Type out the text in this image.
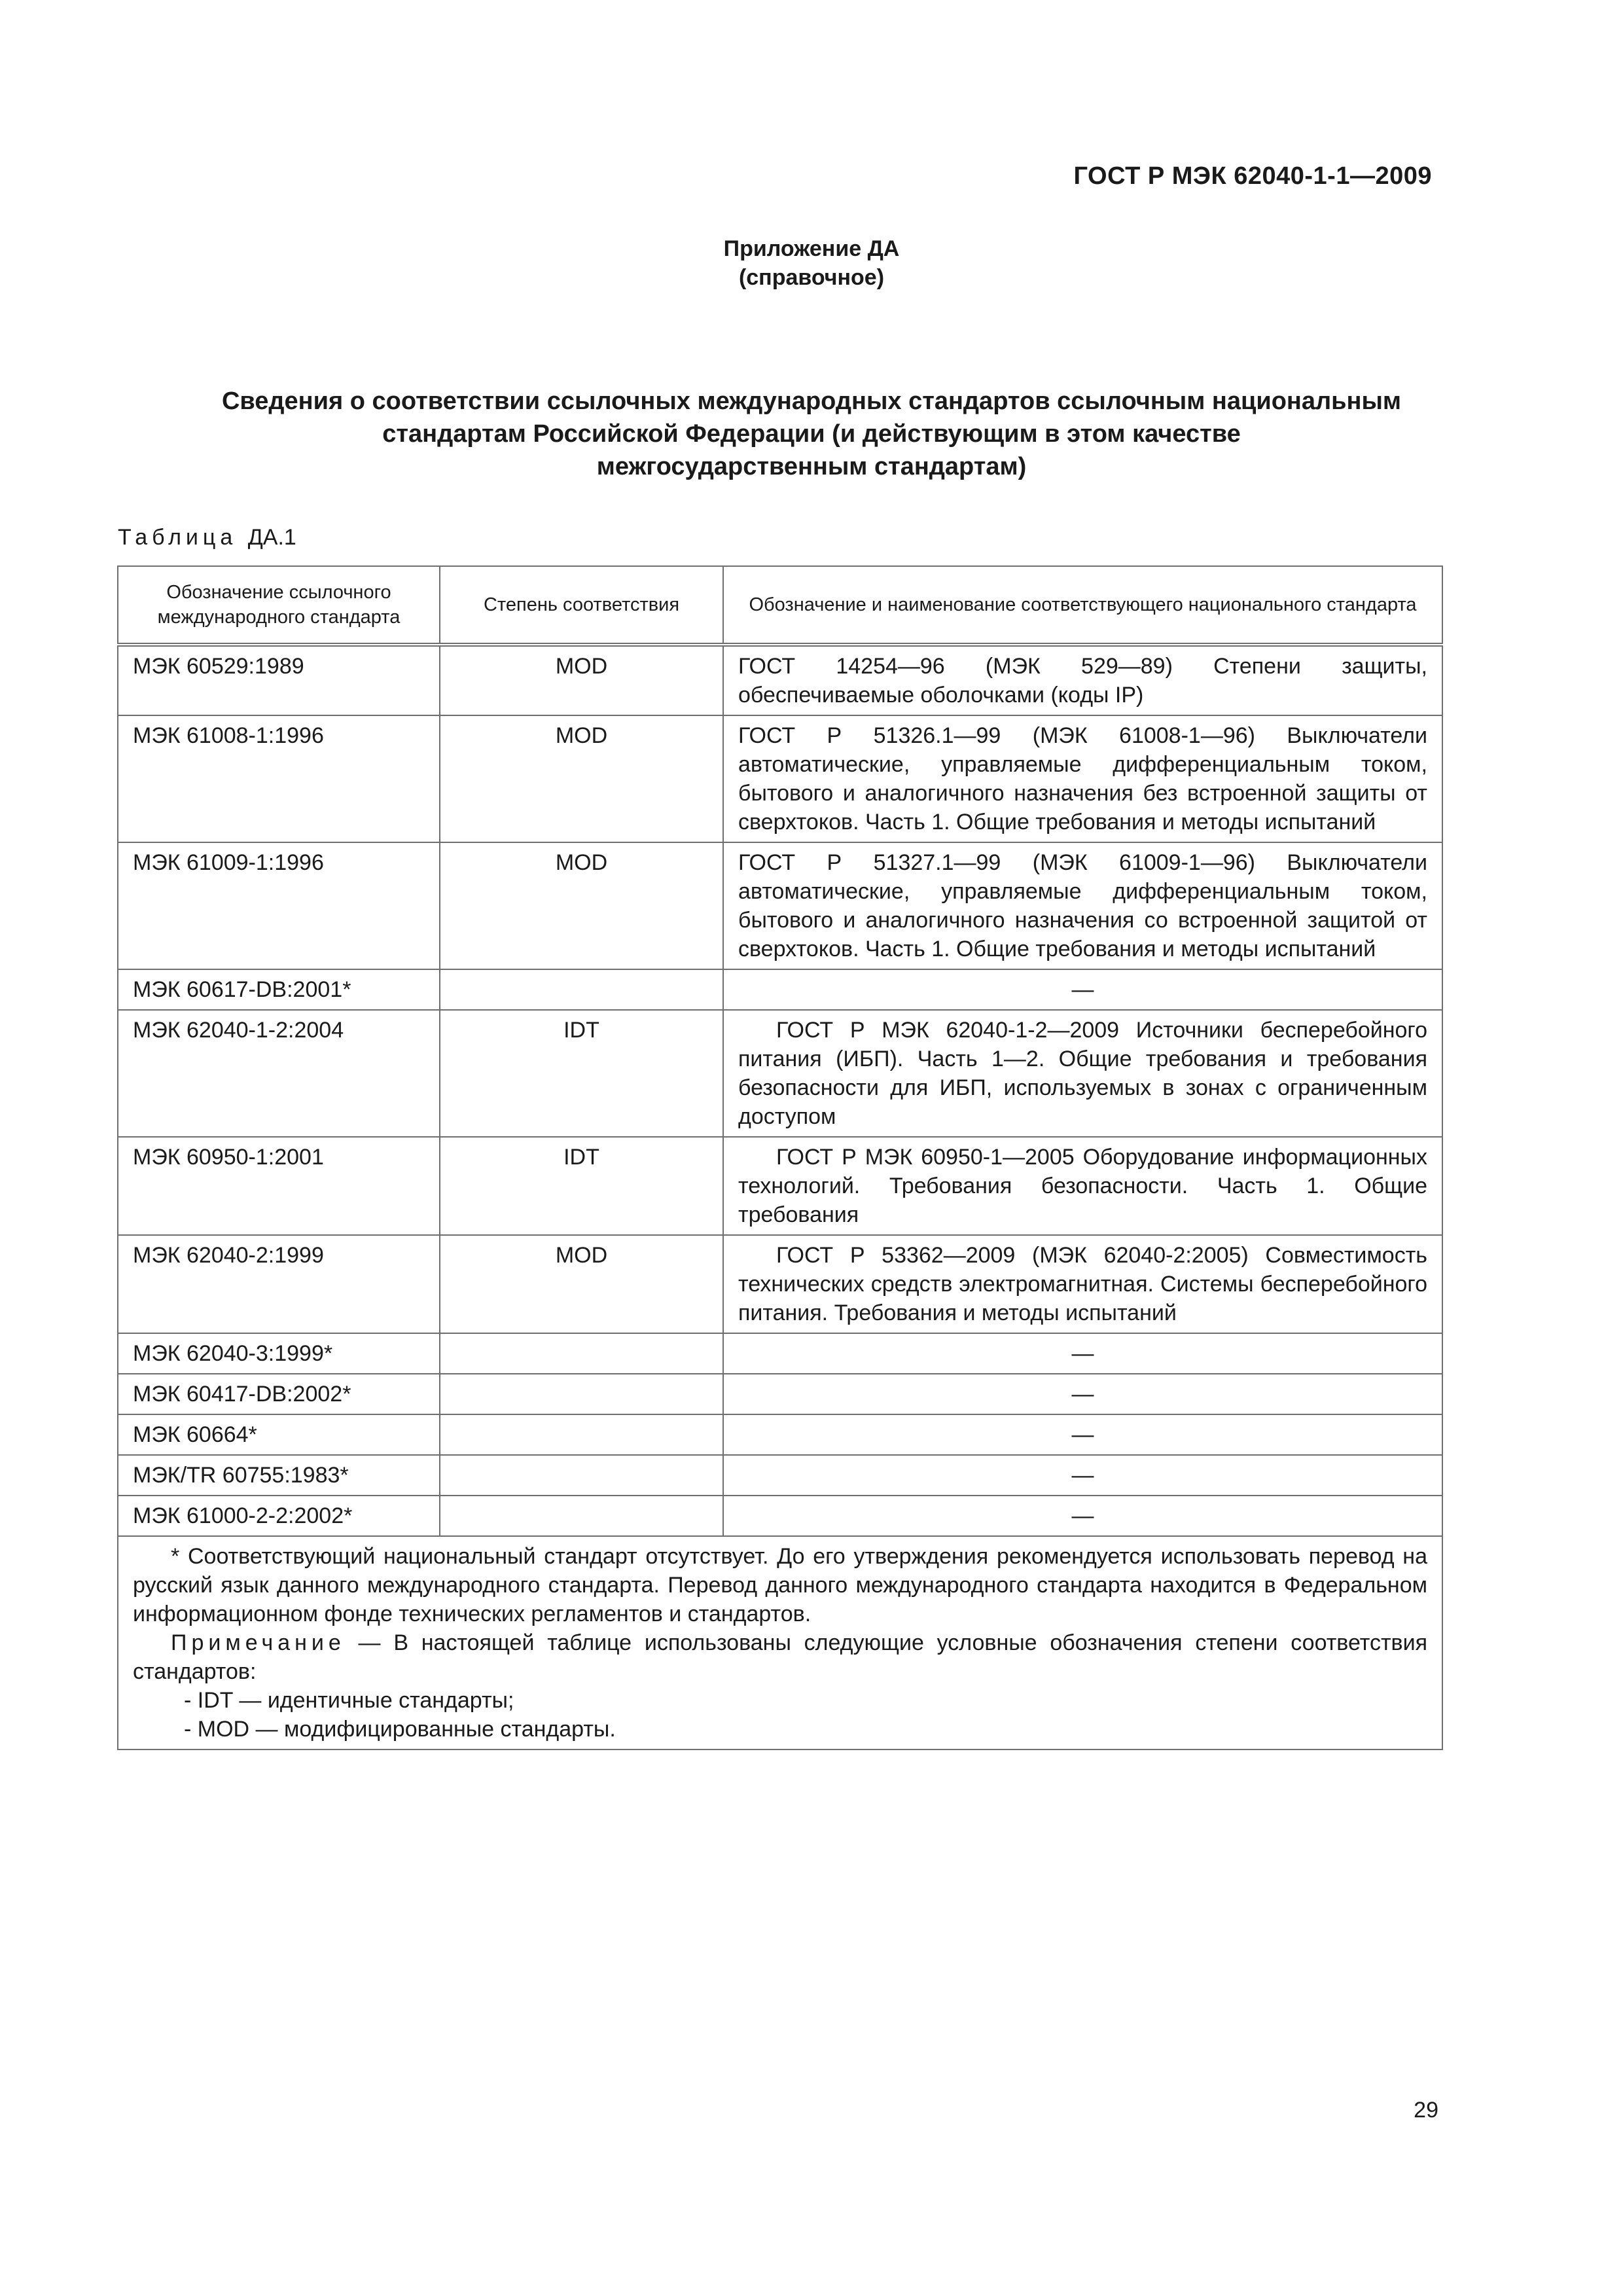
ГОСТ Р МЭК 62040-1-1—2009
Приложение ДА
(справочное)
Сведения о соответствии ссылочных международных стандартов ссылочным национальным
стандартам Российской Федерации (и действующим в этом качестве
межгосударственным стандартам)
Таблица ДА.1
Обозначение ссылочного международного стандарта	Степень соответствия	Обозначение и наименование соответствующего национального стандарта
МЭК 60529:1989	MOD	ГОСТ 14254—96 (МЭК 529—89) Степени защиты, обеспечиваемые оболочками (коды IP)
МЭК 61008-1:1996	MOD	ГОСТ Р 51326.1—99 (МЭК 61008-1—96) Выключатели автоматические, управляемые дифференциальным током, бытового и аналогичного назначения без встроенной защиты от сверхтоков. Часть 1. Общие требования и методы испытаний
МЭК 61009-1:1996	MOD	ГОСТ Р 51327.1—99 (МЭК 61009-1—96) Выключатели автоматические, управляемые дифференциальным током, бытового и аналогичного назначения со встроенной защитой от сверхтоков. Часть 1. Общие требования и методы испытаний
МЭК 60617-DB:2001*		—
МЭК 62040-1-2:2004	IDT	ГОСТ Р МЭК 62040-1-2—2009 Источники бесперебойного питания (ИБП). Часть 1—2. Общие требования и требования безопасности для ИБП, используемых в зонах с ограниченным доступом
МЭК 60950-1:2001	IDT	ГОСТ Р МЭК 60950-1—2005 Оборудование информационных технологий. Требования безопасности. Часть 1. Общие требования
МЭК 62040-2:1999	MOD	ГОСТ Р 53362—2009 (МЭК 62040-2:2005) Совместимость технических средств электромагнитная. Системы бесперебойного питания. Требования и методы испытаний
МЭК 62040-3:1999*		—
МЭК 60417-DB:2002*		—
МЭК 60664*		—
МЭК/TR 60755:1983*		—
МЭК 61000-2-2:2002*		—

* Соответствующий национальный стандарт отсутствует. До его утверждения рекомендуется использовать перевод на русский язык данного международного стандарта. Перевод данного международного стандарта находится в Федеральном информационном фонде технических регламентов и стандартов.

Примечание — В настоящей таблице использованы следующие условные обозначения степени соответствия стандартов:

- IDT — идентичные стандарты;

- MOD — модифицированные стандарты.		

29
